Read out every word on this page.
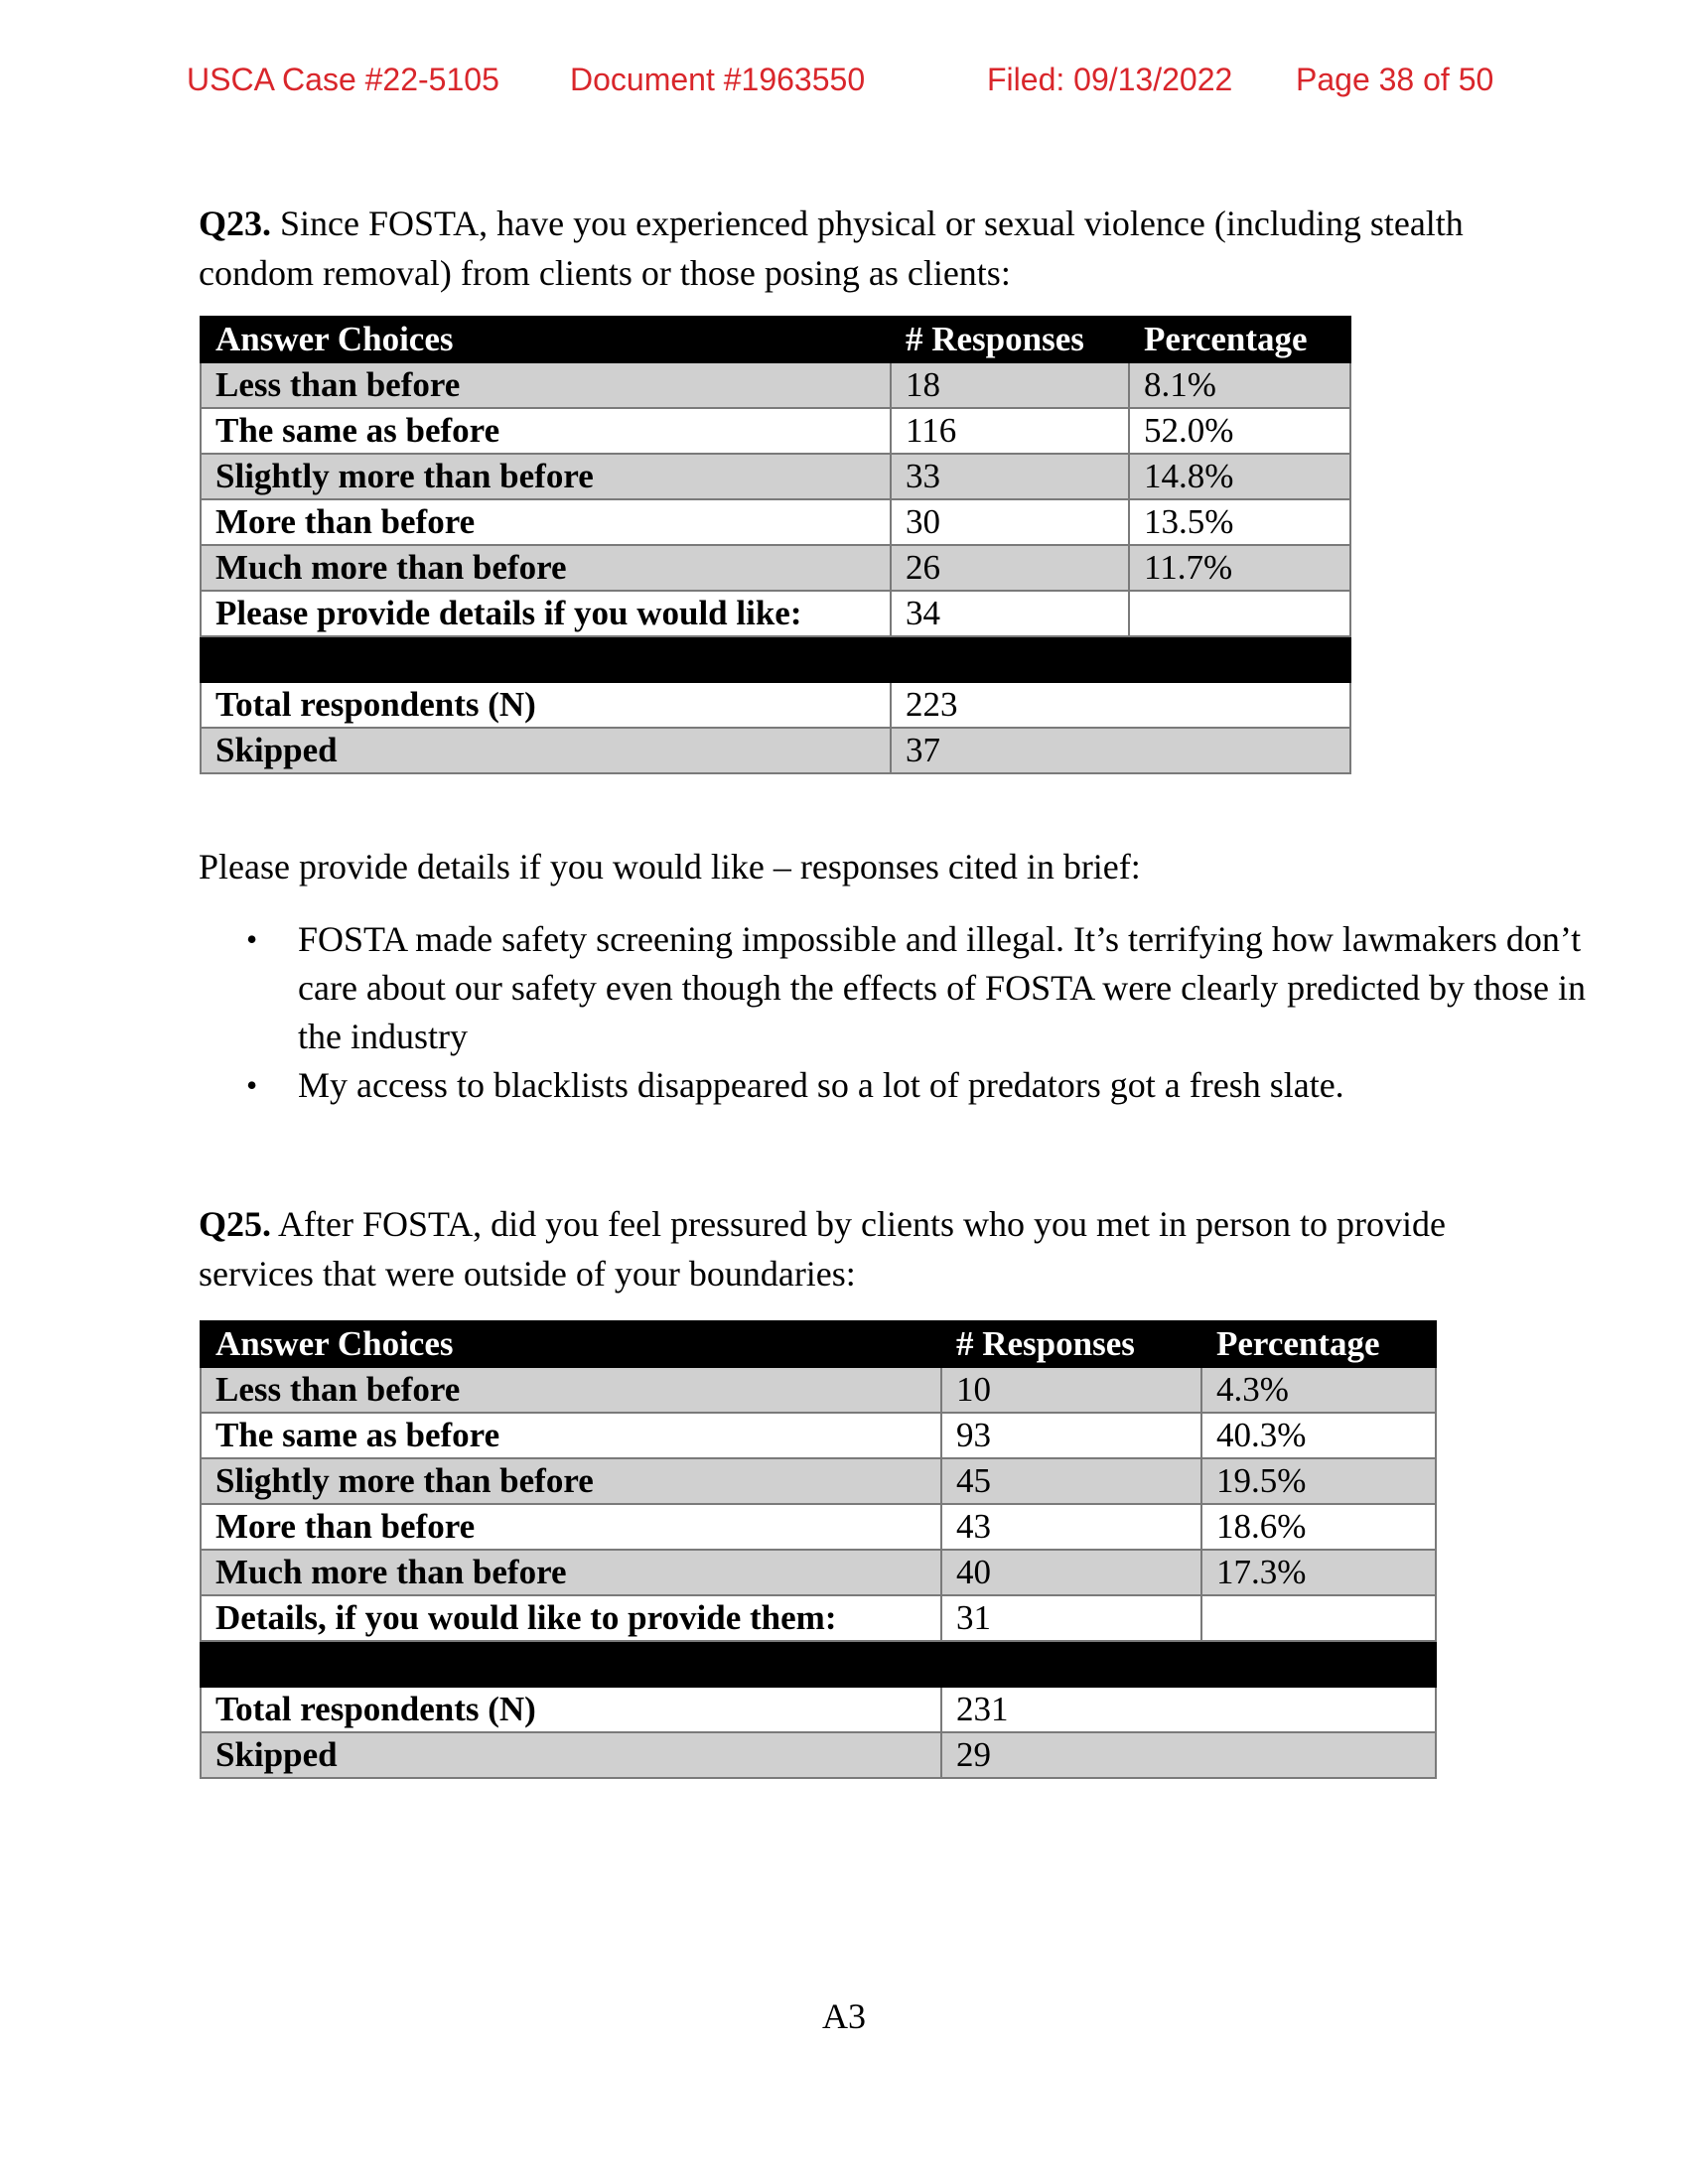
USCA Case #22-5105 Document #1963550	Filed: 09/13/2022 Page 38 of 50
Q23. Since FOSTA, have you experienced physical or sexual violence (including stealth condom removal) from clients or those posing as clients:
Answer Choices	# Responses	Percentage
Less than before	18	8.1%
The same as before	116	52.0%
Slightly more than before	33	14.8%
More than before	30	13.5%
Much more than before	26	11.7%
Please provide details if you would like:	34	

Total respondents (N)	223	
Skipped	37	
Please provide details if you would like – responses cited in brief:
• FOSTA made safety screening impossible and illegal. It’s terrifying how lawmakers don’t care about our safety even though the effects of FOSTA were clearly predicted by those in the industry
• My access to blacklists disappeared so a lot of predators got a fresh slate.
Q25. After FOSTA, did you feel pressured by clients who you met in person to provide services that were outside of your boundaries:
Answer Choices	# Responses	Percentage
Less than before	10	4.3%
The same as before	93	40.3%
Slightly more than before	45	19.5%
More than before	43	18.6%
Much more than before	40	17.3%
Details, if you would like to provide them:	31	

Total respondents (N)	231	
Skipped	29	
A3
